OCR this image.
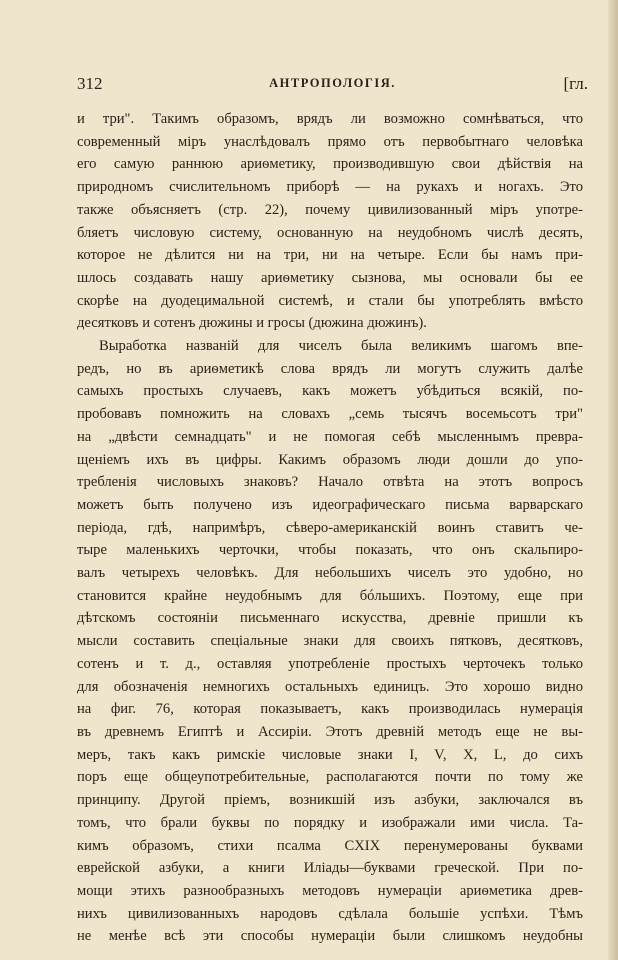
312	АНТРОПОЛОГІЯ.	[гл.
и три". Такимъ образомъ, врядъ ли возможно сомнѣваться, что
современный міръ унаслѣдовалъ прямо отъ первобытнаго человѣка
его самую раннюю ариѳметику, производившую свои дѣйствія на
природномъ счислительномъ приборѣ — на рукахъ и ногахъ. Это
также объясняетъ (стр. 22), почему цивилизованный міръ употре-
бляетъ числовую систему, основанную на неудобномъ числѣ десять,
которое не дѣлится ни на три, ни на четыре. Если бы намъ при-
шлось создавать нашу ариѳметику сызнова, мы основали бы ее
скорѣе на дуодецимальной системѣ, и стали бы употреблять вмѣсто
десятковъ и сотенъ дюжины и гросы (дюжина дюжинъ).
Выработка названій для чиселъ была великимъ шагомъ впе-
редъ, но въ ариѳметикѣ слова врядъ ли могутъ служить далѣе
самыхъ простыхъ случаевъ, какъ можетъ убѣдиться всякій, по-
пробовавъ помножить на словахъ „семь тысячъ восемьсотъ три"
на „двѣсти семнадцать" и не помогая себѣ мысленнымъ превра-
щеніемъ ихъ въ цифры. Какимъ образомъ люди дошли до упо-
требленія числовыхъ знаковъ? Начало отвѣта на этотъ вопросъ
можетъ быть получено изъ идеографическаго письма варварскаго
періода, гдѣ, напримѣръ, сѣверо-американскій воинъ ставитъ че-
тыре маленькихъ черточки, чтобы показать, что онъ скальпиро-
валъ четырехъ человѣкъ. Для небольшихъ чиселъ это удобно, но
становится крайне неудобнымъ для бóльшихъ. Поэтому, еще при
дѣтскомъ состояніи письменнаго искусства, древніе пришли къ
мысли составить спеціальные знаки для своихъ пятковъ, десятковъ,
сотенъ и т. д., оставляя употребленіе простыхъ черточекъ только
для обозначенія немногихъ остальныхъ единицъ. Это хорошо видно
на фиг. 76, которая показываетъ, какъ производилась нумерація
въ древнемъ Египтѣ и Ассиріи. Этотъ древній методъ еще не вы-
меръ, такъ какъ римскіе числовые знаки I, V, X, L, до сихъ
поръ еще общеупотребительные, располагаются почти по тому же
принципу. Другой пріемъ, возникшій изъ азбуки, заключался въ
томъ, что брали буквы по порядку и изображали ими числа. Та-
кимъ образомъ, стихи псалма CXIX перенумерованы буквами
еврейской азбуки, а книги Иліады—буквами греческой. При по-
мощи этихъ разнообразныхъ методовъ нумераціи ариѳметика древ-
нихъ цивилизованныхъ народовъ сдѣлала большіе успѣхи. Тѣмъ
не менѣе всѣ эти способы нумераціи были слишкомъ неудобны
